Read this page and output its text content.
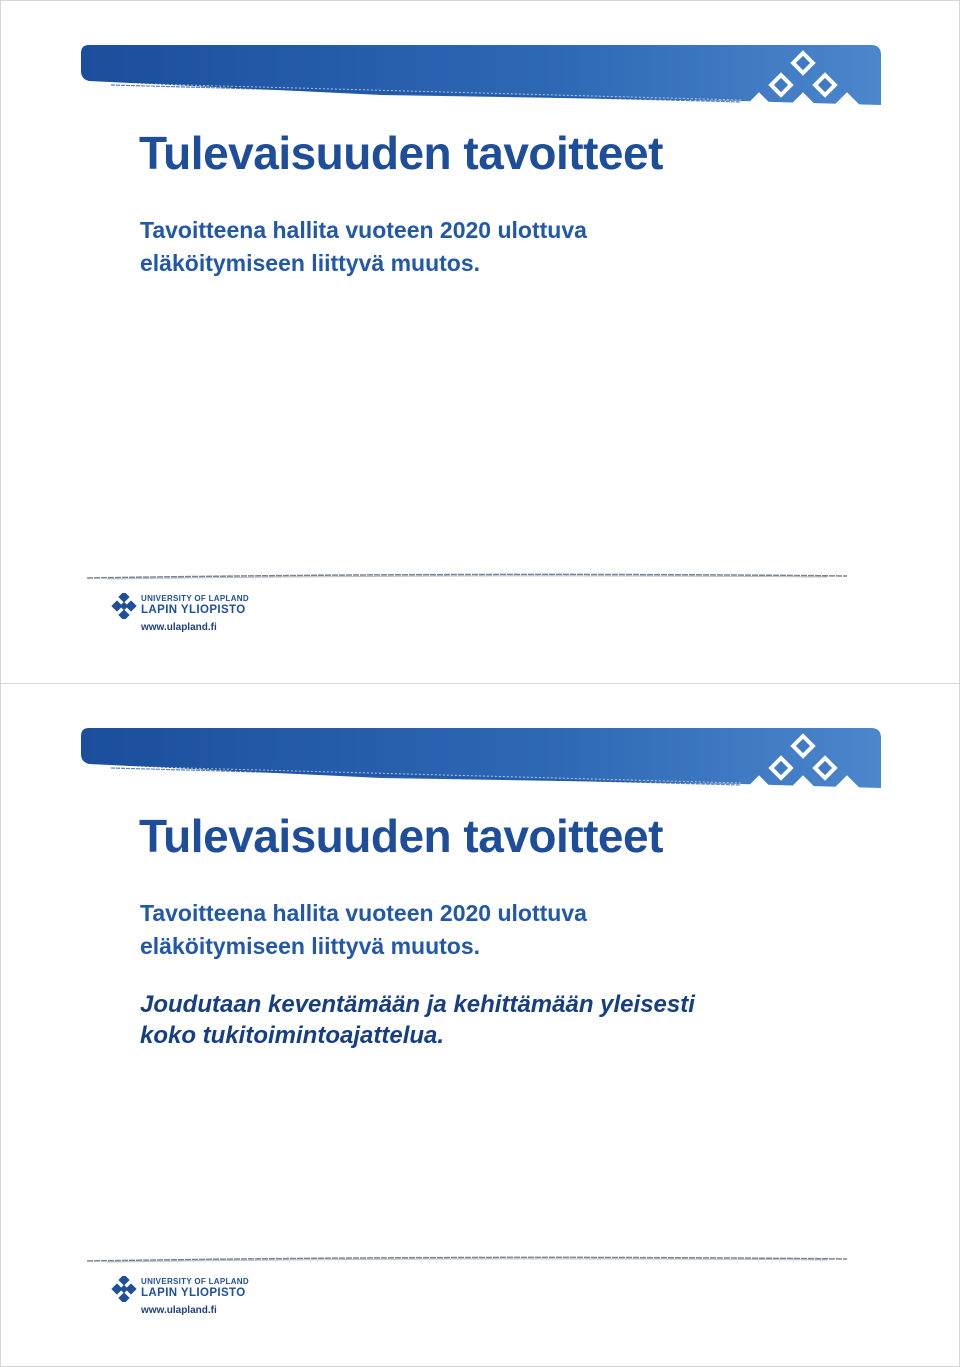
Tulevaisuuden tavoitteet

Tavoitteena hallita vuoteen 2020 ulottuva
eläköitymiseen liittyvä muutos.

UNIVERSITY OF LAPLAND
LAPIN YLIOPISTO
www.ulapland.fi
Tulevaisuuden tavoitteet

Tavoitteena hallita vuoteen 2020 ulottuva
eläköitymiseen liittyvä muutos.

Joudutaan keventämään ja kehittämään yleisesti
koko tukitoimintoajattelua.

UNIVERSITY OF LAPLAND
LAPIN YLIOPISTO
www.ulapland.fi
